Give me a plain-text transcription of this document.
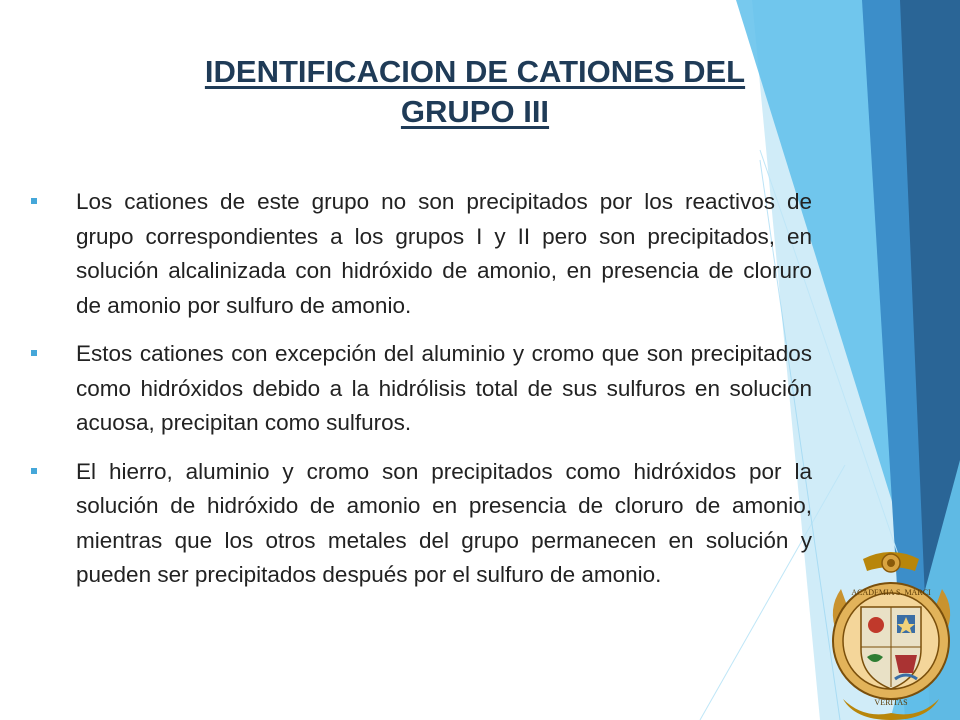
IDENTIFICACION DE CATIONES DEL
GRUPO III
Los cationes de este grupo no son precipitados por los reactivos de grupo correspondientes a los grupos I y II pero son precipitados, en solución alcalinizada con hidróxido de amonio, en presencia de cloruro de amonio por sulfuro de amonio.
Estos cationes con excepción del aluminio y cromo que son precipitados como hidróxidos debido a la hidrólisis total de sus sulfuros en solución acuosa, precipitan como sulfuros.
El hierro, aluminio y cromo son precipitados como hidróxidos por la solución de hidróxido de amonio en presencia de cloruro de amonio, mientras que los otros metales del grupo permanecen en solución y pueden ser precipitados después por el sulfuro de amonio.
ACADEMIA S. MARCI
VERITAS
